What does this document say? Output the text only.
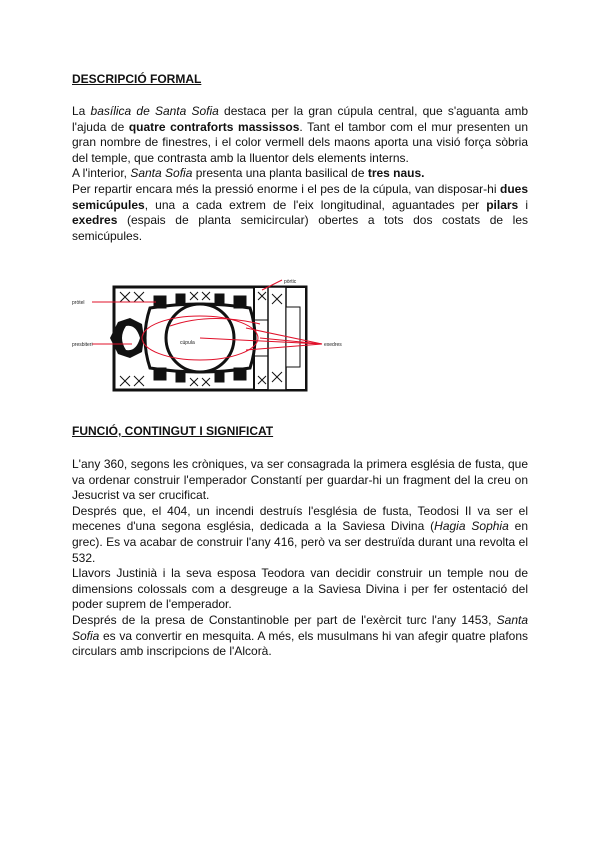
DESCRIPCIÓ FORMAL

La basílica de Santa Sofia destaca per la gran cúpula central, que s'aguanta amb l'ajuda de quatre contraforts massissos. Tant el tambor com el mur presenten un gran nombre de finestres, i el color vermell dels maons aporta una visió força sòbria del temple, que contrasta amb la lluentor dels elements interns.

A l'interior, Santa Sofia presenta una planta basilical de tres naus.

Per repartir encara més la pressió enorme i el pes de la cúpula, van disposar-hi dues semicúpules, una a cada extrem de l'eix longitudinal, aguantades per pilars i exedres (espais de planta semicircular) obertes a tots dos costats de les semicúpules.

pròtel
presbiteri	cúpula
pòrtic
exedres
FUNCIÓ, CONTINGUT I SIGNIFICAT

L'any 360, segons les cròniques, va ser consagrada la primera església de fusta, que va ordenar construir l'emperador Constantí per guardar-hi un fragment del la creu on Jesucrist va ser crucificat.

Després que, el 404, un incendi destruís l'església de fusta, Teodosi II va ser el mecenes d'una segona església, dedicada a la Saviesa Divina (Hagia Sophia en grec). Es va acabar de construir l'any 416, però va ser destruïda durant una revolta el 532.

Llavors Justinià i la seva esposa Teodora van decidir construir un temple nou de dimensions colossals com a desgreuge a la Saviesa Divina i per fer ostentació del poder suprem de l'emperador.

Després de la presa de Constantinoble per part de l'exèrcit turc l'any 1453, Santa Sofia es va convertir en mesquita. A més, els musulmans hi van afegir quatre plafons circulars amb inscripcions de l'Alcorà.
